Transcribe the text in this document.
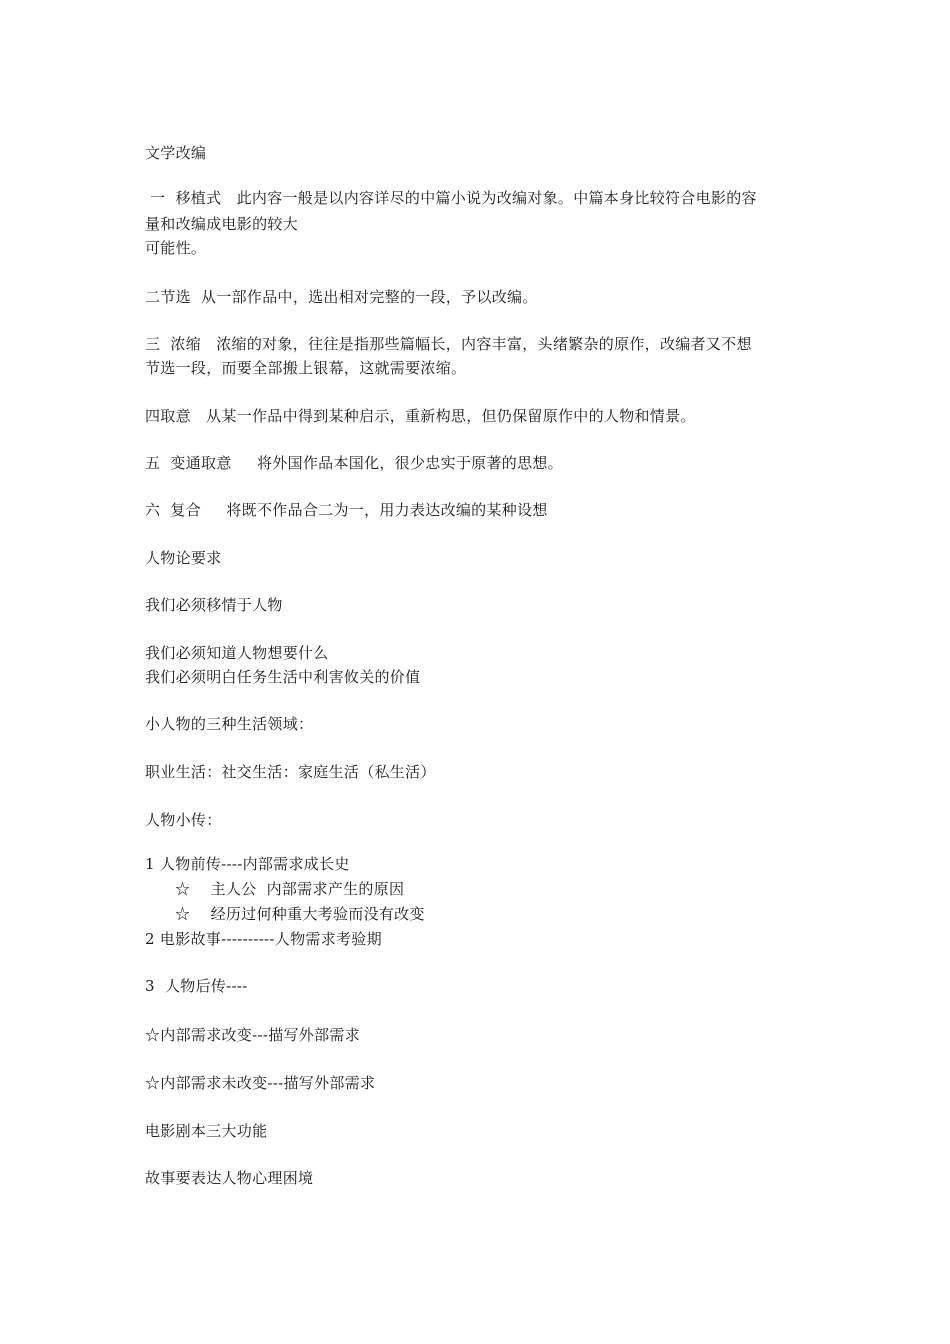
文学改编
一  移植式   此内容一般是以内容详尽的中篇小说为改编对象。中篇本身比较符合电影的容
量和改编成电影的较大
可能性。
二节选  从一部作品中，选出相对完整的一段，予以改编。
三  浓缩   浓缩的对象，往往是指那些篇幅长，内容丰富，头绪繁杂的原作，改编者又不想
节选一段，而要全部搬上银幕，这就需要浓缩。
四取意   从某一作品中得到某种启示，重新构思，但仍保留原作中的人物和情景。
五  变通取意     将外国作品本国化，很少忠实于原著的思想。
六  复合     将既不作品合二为一，用力表达改编的某种设想
人物论要求
我们必须移情于人物
我们必须知道人物想要什么
我们必须明白任务生活中利害攸关的价值
小人物的三种生活领域：
职业生活：社交生活：家庭生活（私生活）
人物小传：
1 人物前传----内部需求成长史
☆    主人公  内部需求产生的原因
☆    经历过何种重大考验而没有改变
2 电影故事----------人物需求考验期
3  人物后传----
☆内部需求改变---描写外部需求
☆内部需求未改变---描写外部需求
电影剧本三大功能
故事要表达人物心理困境
